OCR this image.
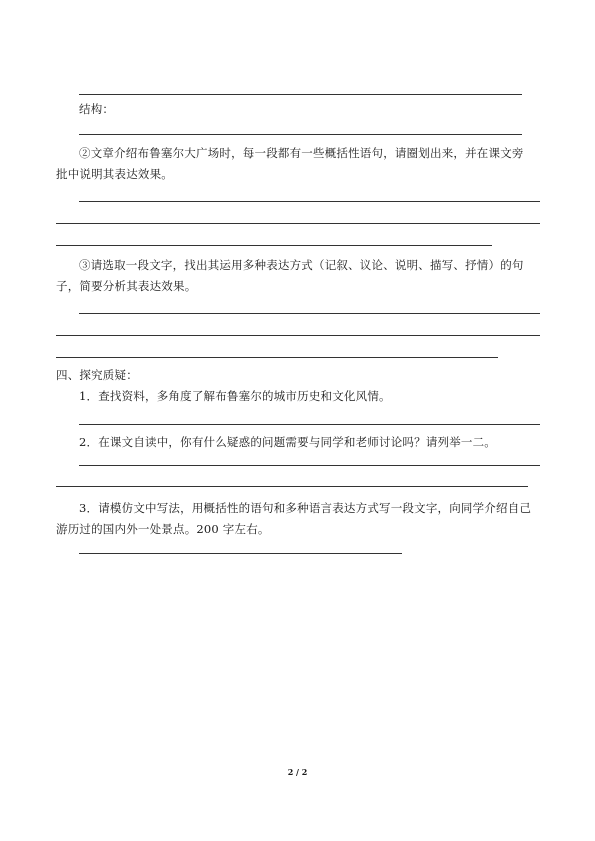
结构：
②文章介绍布鲁塞尔大广场时，每一段都有一些概括性语句，请圈划出来，并在课文旁
批中说明其表达效果。
③请选取一段文字，找出其运用多种表达方式（记叙、议论、说明、描写、抒情）的句
子，简要分析其表达效果。
四、探究质疑：
1．查找资料，多角度了解布鲁塞尔的城市历史和文化风情。
2．在课文自读中，你有什么疑惑的问题需要与同学和老师讨论吗？请列举一二。
3．请模仿文中写法，用概括性的语句和多种语言表达方式写一段文字，向同学介绍自己
游历过的国内外一处景点。200 字左右。
2 / 2
